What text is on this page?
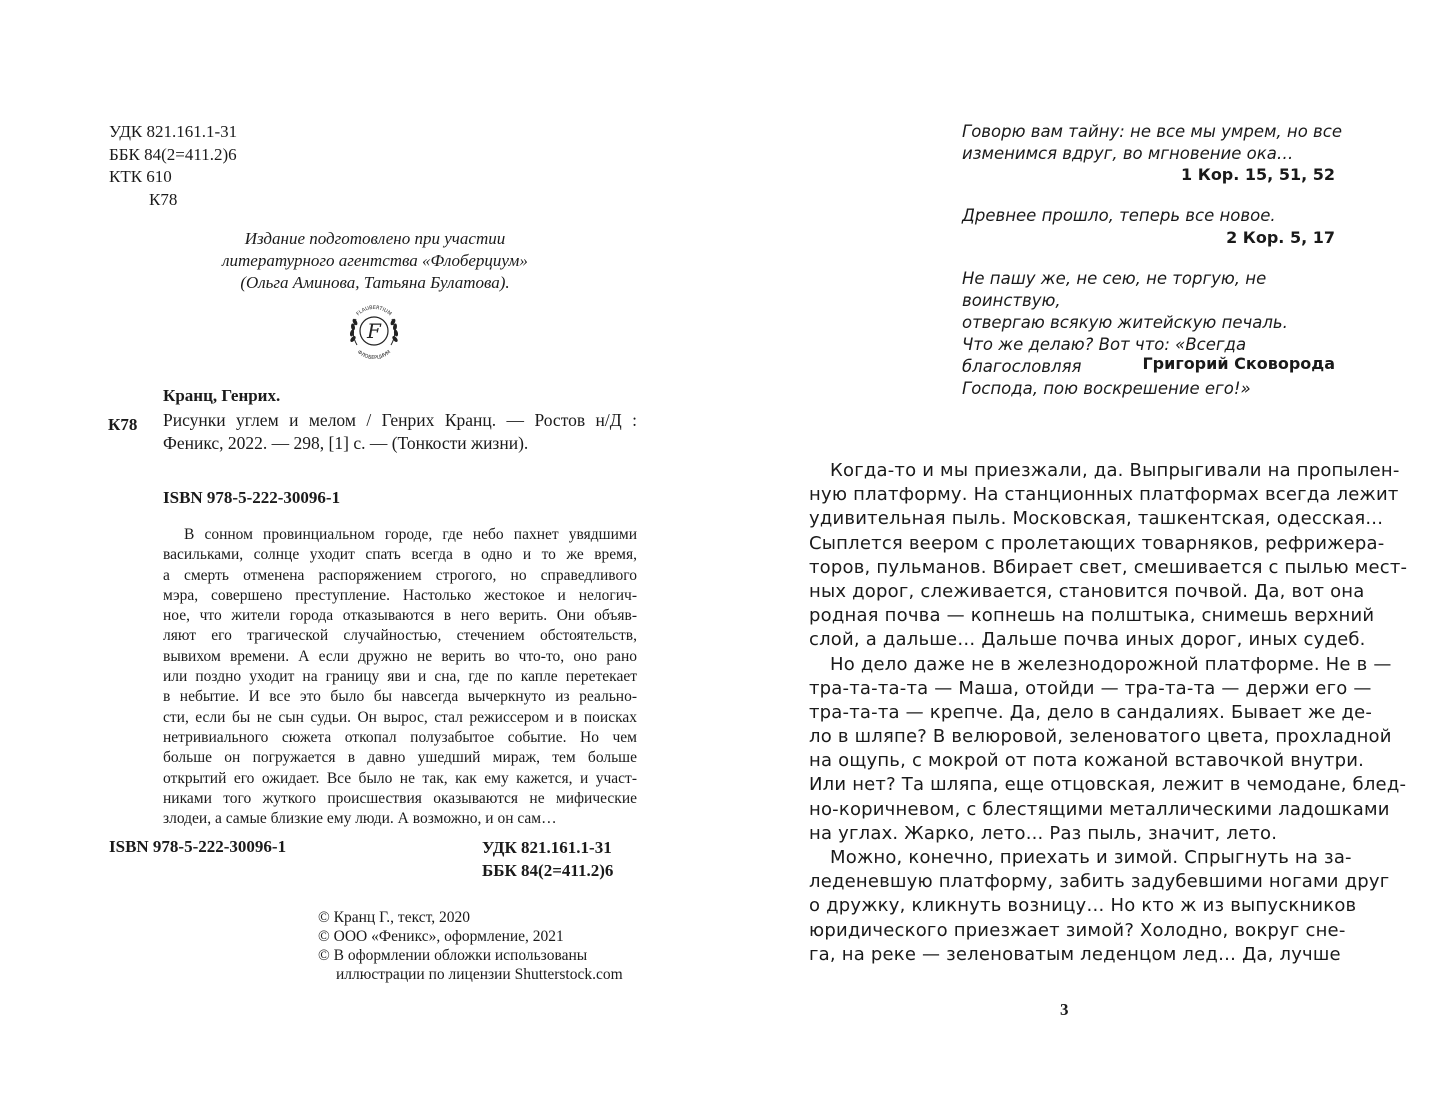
УДК 821.161.1-31
ББК 84(2=411.2)6
КТК 610
К78
Издание подготовлено при участии
литературного агентства «Флоберциум»
(Ольга Аминова, Татьяна Булатова).
FLAUBERTIUM
ФЛОБЕРЦИУМ
F
Кранц, Генрих.
К78 Рисунки углем и мелом / Генрих Кранц. — Ростов н/Д : Феникс, 2022. — 298, [1] с. — (Тонкости жизни).
ISBN 978-5-222-30096-1
В сонном провинциальном городе, где небо пахнет увядшими
васильками, солнце уходит спать всегда в одно и то же время,
а смерть отменена распоряжением строгого, но справедливого
мэра, совершено преступление. Настолько жестокое и нелогич-
ное, что жители города отказываются в него верить. Они объяв-
ляют его трагической случайностью, стечением обстоятельств,
вывихом времени. А если дружно не верить во что-то, оно рано
или поздно уходит на границу яви и сна, где по капле перетекает
в небытие. И все это было бы навсегда вычеркнуто из реально-
сти, если бы не сын судьи. Он вырос, стал режиссером и в поисках
нетривиального сюжета откопал полузабытое событие. Но чем
больше он погружается в давно ушедший мираж, тем больше
открытий его ожидает. Все было не так, как ему кажется, и участ-
никами того жуткого происшествия оказываются не мифические
злодеи, а самые близкие ему люди. А возможно, и он сам…
ISBN 978-5-222-30096-1	УДК 821.161.1-31
ББК 84(2=411.2)6
© Кранц Г., текст, 2020
© ООО «Феникс», оформление, 2021
© В оформлении обложки использованы
иллюстрации по лицензии Shutterstock.com
Говорю вам тайну: не все мы умрем, но все
изменимся вдруг, во мгновение ока…
1 Кор. 15, 51, 52
Древнее прошло, теперь все новое.
2 Кор. 5, 17
Не пашу же, не сею, не торгую, не воинствую,
отвергаю всякую житейскую печаль.
Что же делаю? Вот что: «Всегда благословляя
Господа, пою воскрешение его!»
Григорий Сковорода
Когда-то и мы приезжали, да. Выпрыгивали на пропылен-
ную платформу. На станционных платформах всегда лежит
удивительная пыль. Московская, ташкентская, одесская...
Сыплется веером с пролетающих товарняков, рефрижера-
торов, пульманов. Вбирает свет, смешивается с пылью мест-
ных дорог, слеживается, становится почвой. Да, вот она
родная почва — копнешь на полштыка, снимешь верхний
слой, а дальше… Дальше почва иных дорог, иных судеб.
Но дело даже не в железнодорожной платформе. Не в —
тра-та-та-та — Маша, отойди — тра-та-та — держи его —
тра-та-та — крепче. Да, дело в сандалиях. Бывает же де-
ло в шляпе? В велюровой, зеленоватого цвета, прохладной
на ощупь, с мокрой от пота кожаной вставочкой внутри.
Или нет? Та шляпа, еще отцовская, лежит в чемодане, блед-
но-коричневом, с блестящими металлическими ладошками
на углах. Жарко, лето... Раз пыль, значит, лето.
Можно, конечно, приехать и зимой. Спрыгнуть на за-
леденевшую платформу, забить задубевшими ногами друг
о дружку, кликнуть возницу… Но кто ж из выпускников
юридического приезжает зимой? Холодно, вокруг сне-
га, на реке — зеленоватым леденцом лед… Да, лучше
3
